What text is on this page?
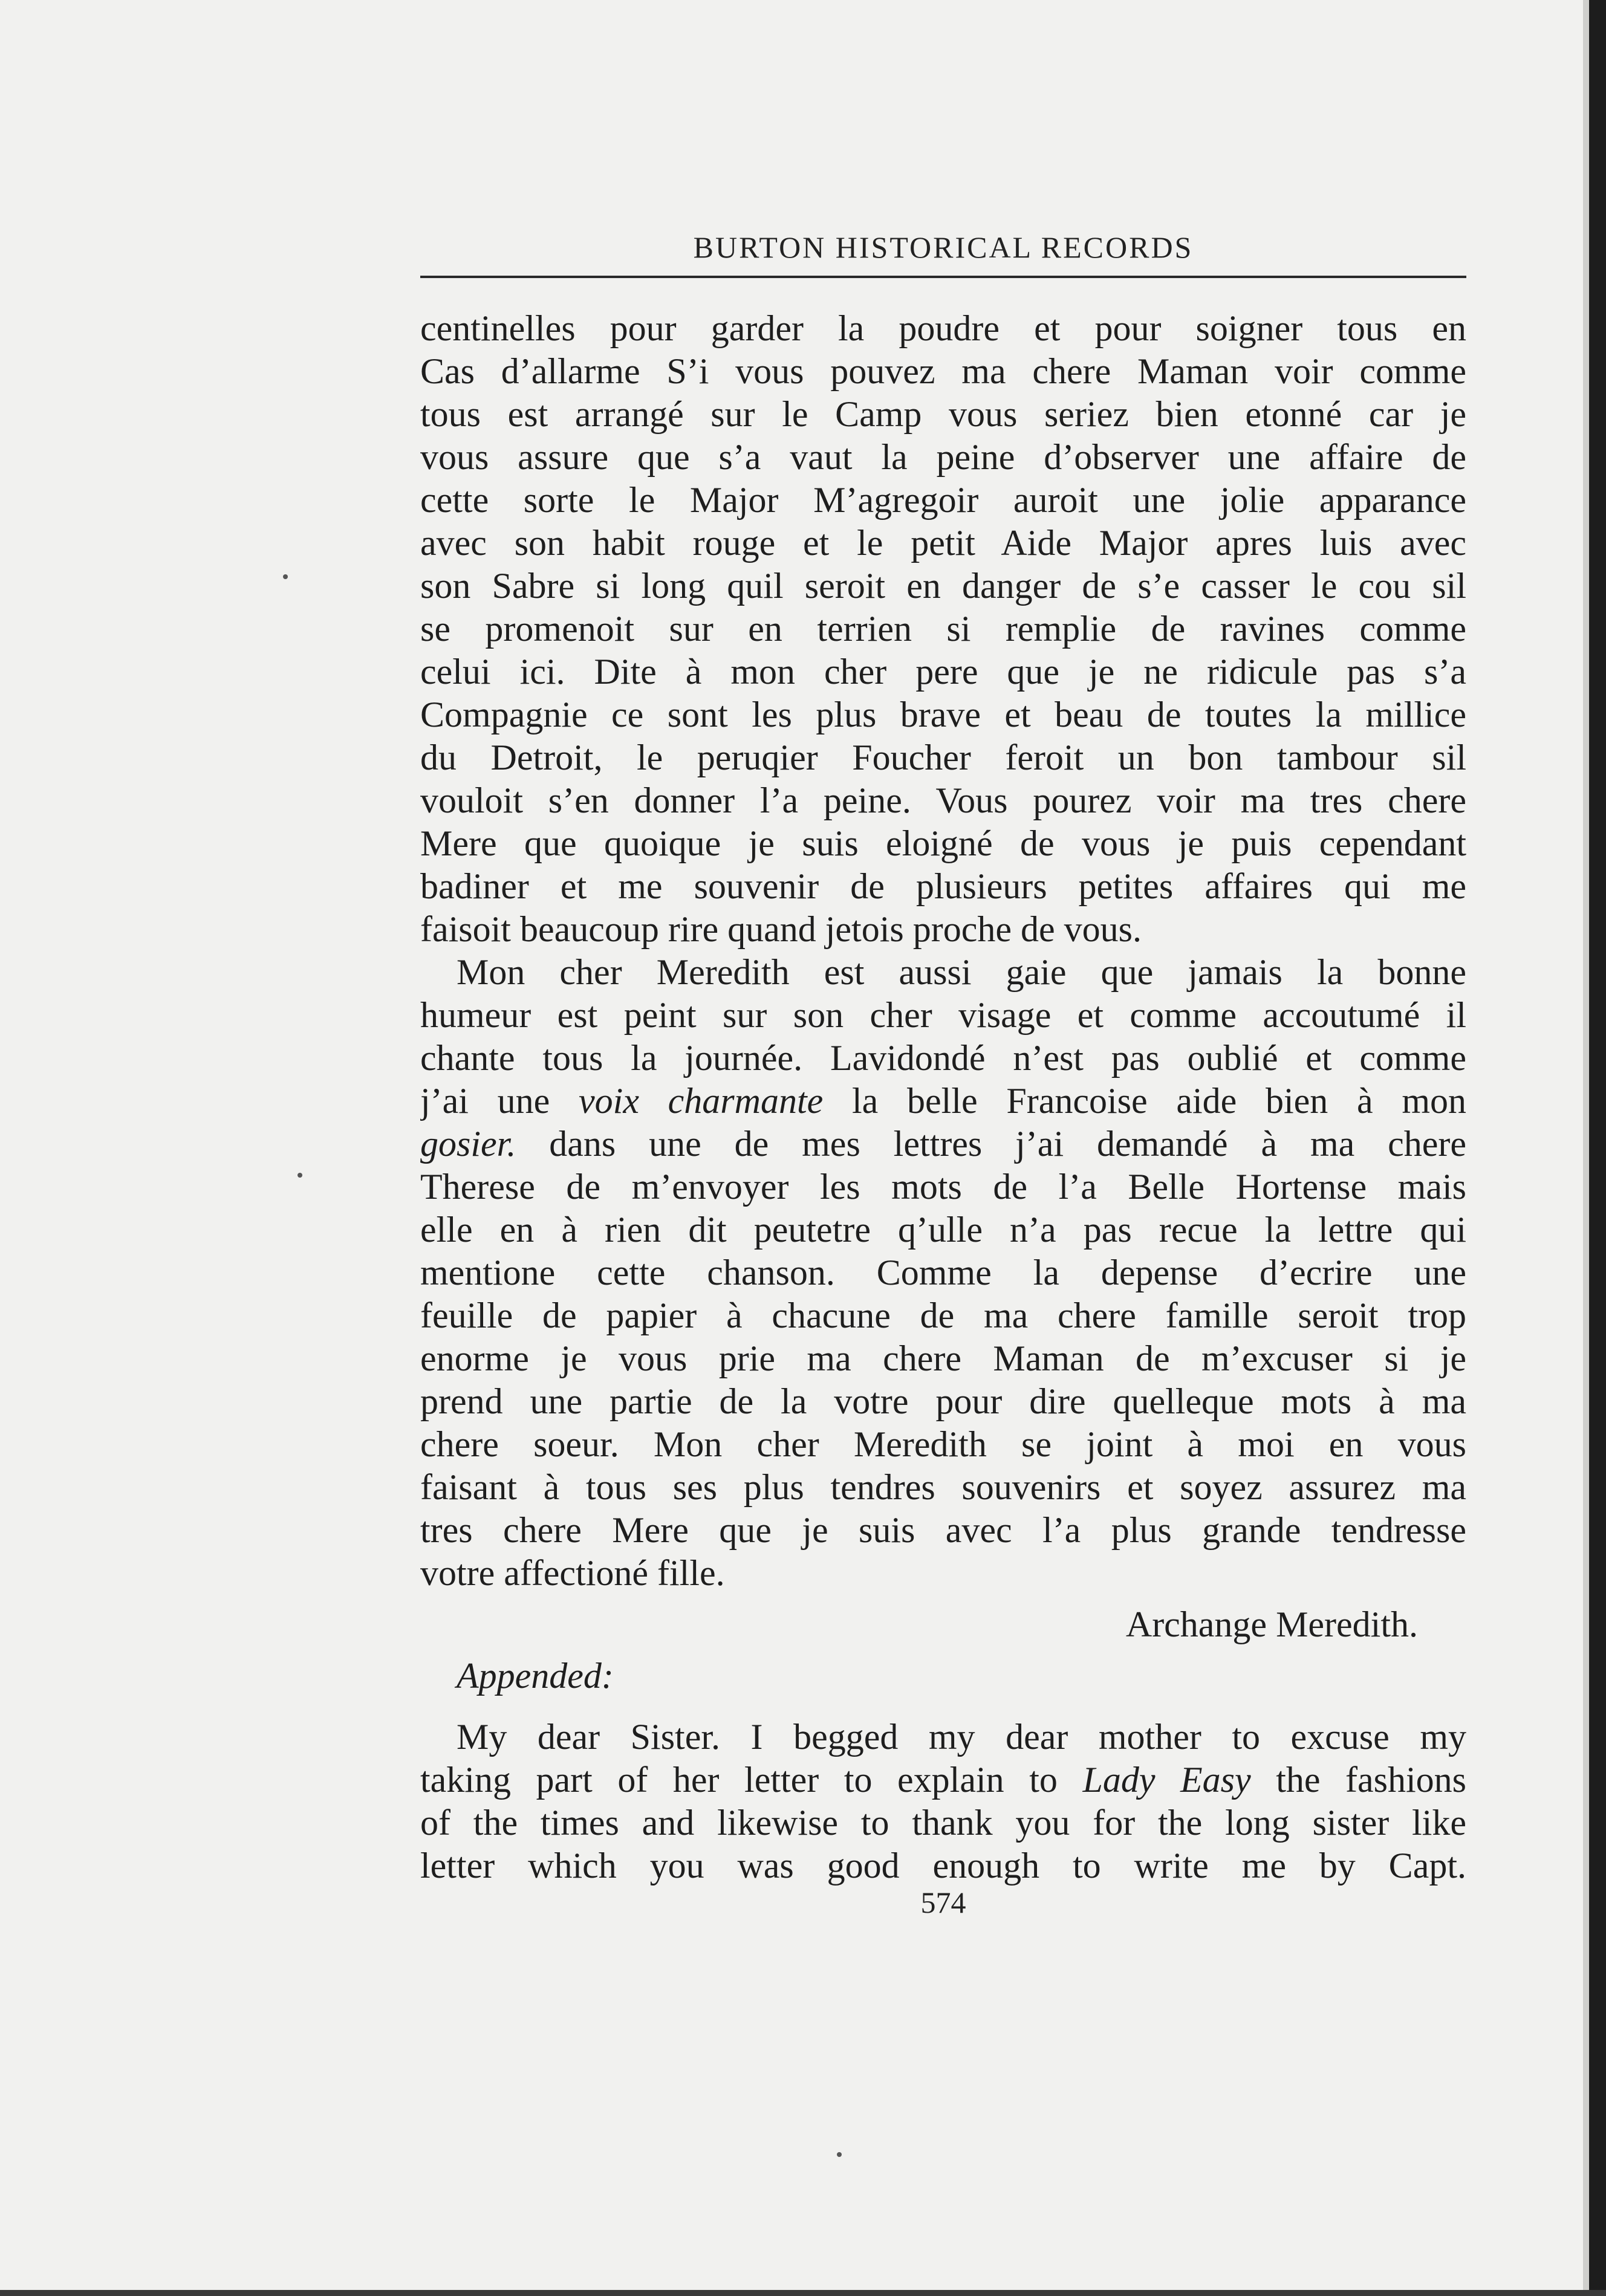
BURTON HISTORICAL RECORDS
centinelles pour garder la poudre et pour soigner tous en
Cas d’allarme S’i vous pouvez ma chere Maman voir comme
tous est arrangé sur le Camp vous seriez bien etonné car je
vous assure que s’a vaut la peine d’observer une affaire de
cette sorte le Major M’agregoir auroit une jolie apparance
avec son habit rouge et le petit Aide Major apres luis avec
son Sabre si long quil seroit en danger de s’e casser le cou sil
se promenoit sur en terrien si remplie de ravines comme
celui ici. Dite à mon cher pere que je ne ridicule pas s’a
Compagnie ce sont les plus brave et beau de toutes la millice
du Detroit, le peruqier Foucher feroit un bon tambour sil
vouloit s’en donner l’a peine. Vous pourez voir ma tres chere
Mere que quoique je suis eloigné de vous je puis cependant
badiner et me souvenir de plusieurs petites affaires qui me
faisoit beaucoup rire quand jetois proche de vous.
Mon cher Meredith est aussi gaie que jamais la bonne
humeur est peint sur son cher visage et comme accoutumé il
chante tous la journée. Lavidondé n’est pas oublié et comme
j’ai une voix charmante la belle Francoise aide bien à mon
gosier. dans une de mes lettres j’ai demandé à ma chere
Therese de m’envoyer les mots de l’a Belle Hortense mais
elle en à rien dit peutetre q’ulle n’a pas recue la lettre qui
mentione cette chanson. Comme la depense d’ecrire une
feuille de papier à chacune de ma chere famille seroit trop
enorme je vous prie ma chere Maman de m’excuser si je
prend une partie de la votre pour dire quelleque mots à ma
chere soeur. Mon cher Meredith se joint à moi en vous
faisant à tous ses plus tendres souvenirs et soyez assurez ma
tres chere Mere que je suis avec l’a plus grande tendresse
votre affectioné fille.
Archange Meredith.
Appended:
My dear Sister. I begged my dear mother to excuse my
taking part of her letter to explain to Lady Easy the fashions
of the times and likewise to thank you for the long sister like
letter which you was good enough to write me by Capt.
574
